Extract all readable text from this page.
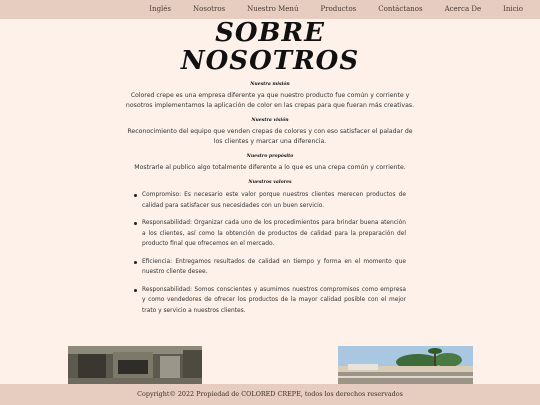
Inglés	Nosotros	Nuestro Menú	Productos	Contáctanos	Acerca De	Inicio
SOBRE NOSOTROS
Nuestra misión

Colored crepe es una empresa diferente ya que nuestro producto fue común y corriente y nosotros implementamos la aplicación de color en las crepas para que fueran más creativas.

Nuestra visión

Reconocimiento del equipo que venden crepas de colores y con eso satisfacer el paladar de los clientes y marcar una diferencia.

Nuestro propósito

Mostrarle al publico algo totalmente diferente a lo que es una crepa común y corriente.

Nuestros valores
Compromiso: Es necesario este valor porque nuestros clientes merecen productos de calidad para satisfacer sus necesidades con un buen servicio.
Responsabilidad: Organizar cada uno de los procedimientos para brindar buena atención a los clientes, así como la obtención de productos de calidad para la preparación del producto final que ofrecemos en el mercado.
Eficiencia: Entregamos resultados de calidad en tiempo y forma en el momento que nuestro cliente desee.
Responsabilidad: Somos conscientes y asumimos nuestros compromisos como empresa y como vendedores de ofrecer los productos de la mayor calidad posible con el mejor trato y servicio a nuestros clientes.
Copyright© 2022 Propiedad de COLORED CREPE, todos los derechos reservados
